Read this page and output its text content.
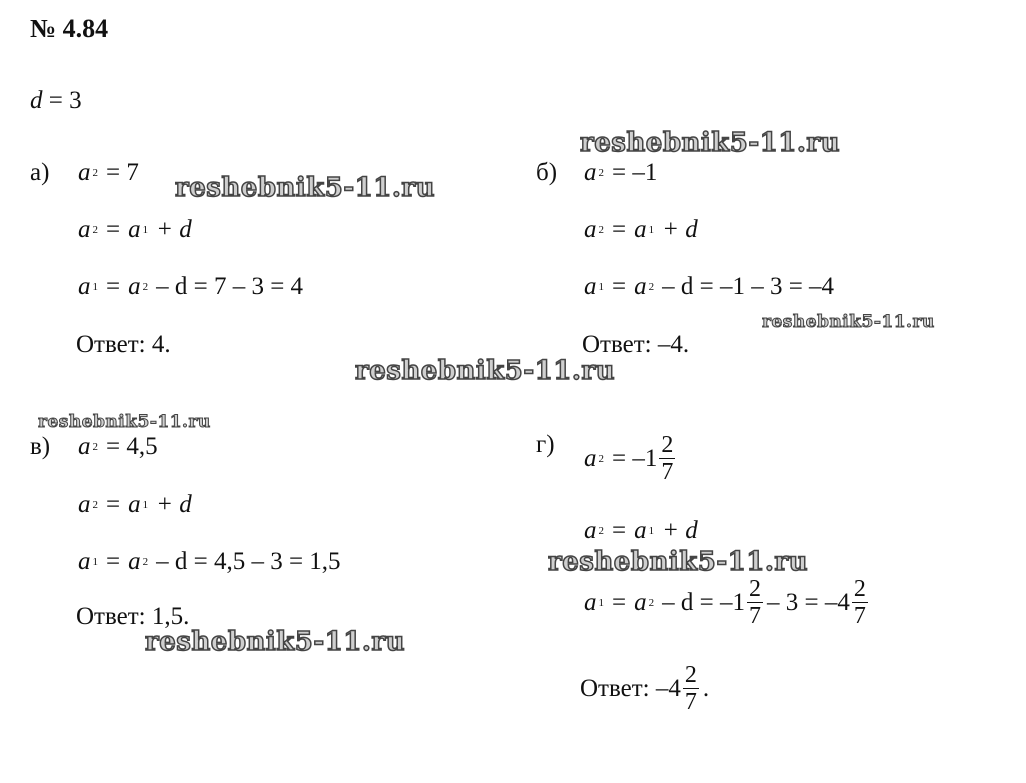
№ 4.84
d = 3
а) a 2 = 7
a 2 = a 1 + d
a 1 = a 2 – d = 7 – 3 = 4
Ответ: 4.
б) a 2 = –1
a 2 = a 1 + d
a 1 = a 2 – d = –1 – 3 = –4
Ответ: –4.
в) a 2 = 4,5
a 2 = a 1 + d
a 1 = a 2 – d = 4,5 – 3 = 1,5
Ответ: 1,5.
г) a $2 = -1 \frac{2}{7}$
a 2 = a 1 + d
a 1 = a $2 - d = -1 \frac{2}{7} - 3 = -4 \frac{2}{7}$
Ответ: $-4 \frac{2}{7}$ .
reshebnik5-11.ru
reshebnik5-11.ru
reshebnik5-11.ru
reshebnik5-11.ru
reshebnik5-11.ru
reshebnik5-11.ru
reshebnik5-11.ru
